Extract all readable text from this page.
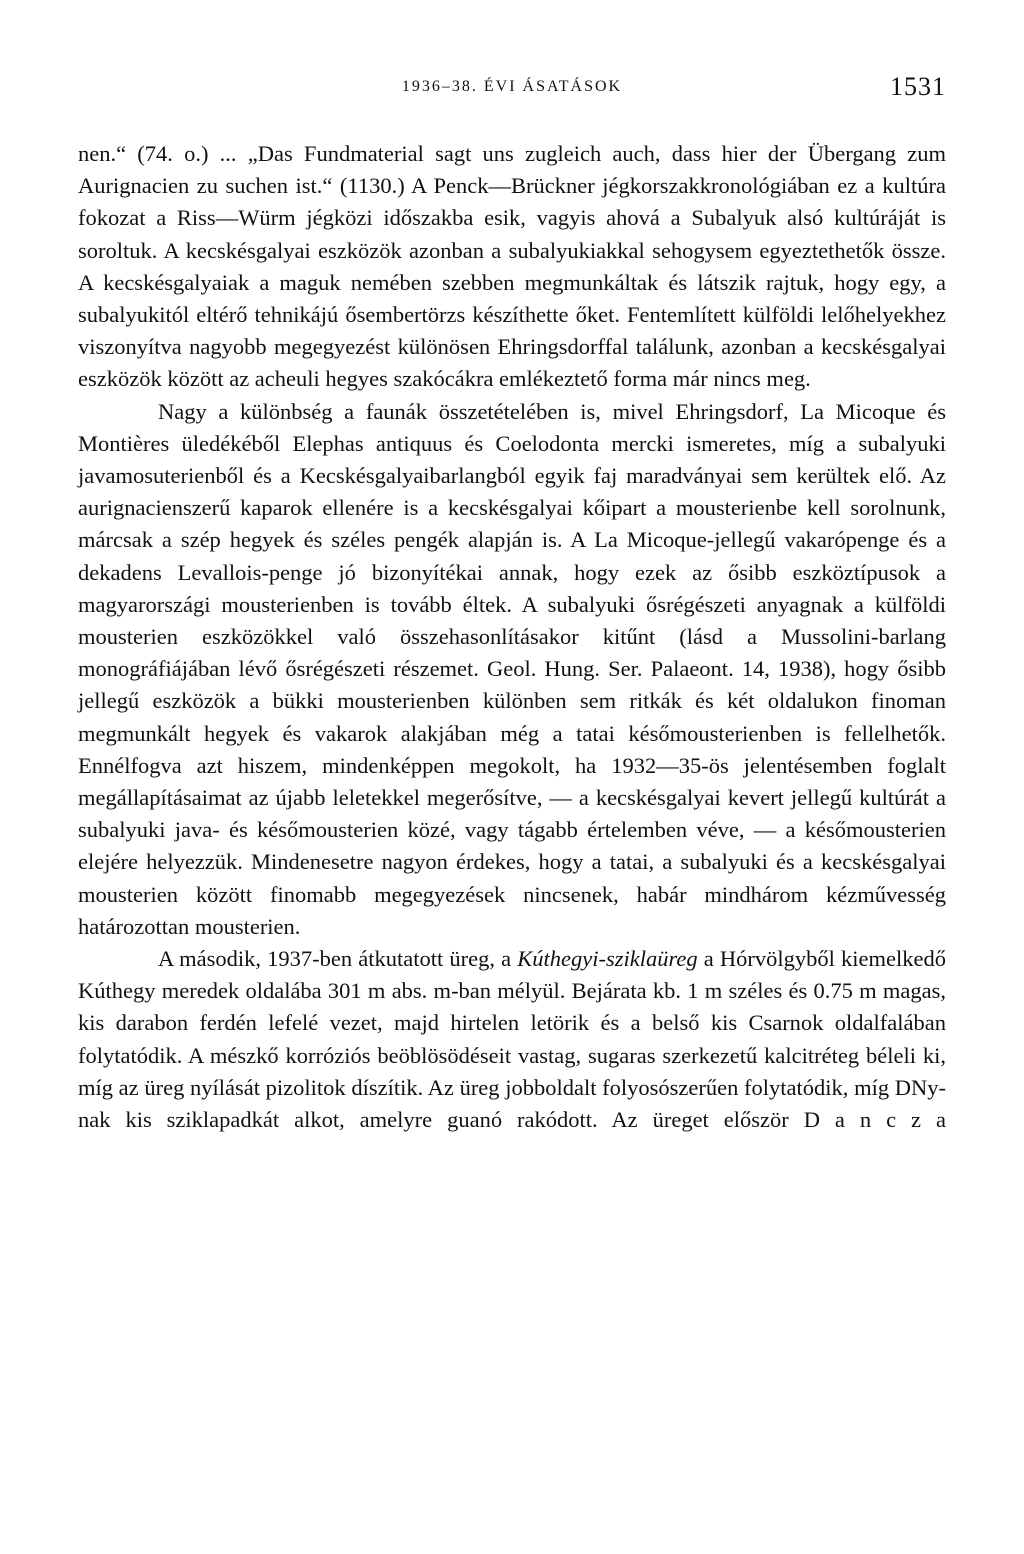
1936–38. ÉVI ÁSATÁSOK	1531

nen.“ (74. o.) ... „Das Fundmaterial sagt uns zugleich auch, dass hier der Übergang zum Aurignacien zu suchen ist.“ (1130.) A Penck—Brückner jégkorszakkronológiában ez a kultúra fokozat a Riss—Würm jégközi időszakba esik, vagyis ahová a Subalyuk alsó kultúráját is soroltuk. A kecskésgalyai eszközök azonban a subalyukiakkal sehogysem egyeztethetők össze. A kecskésgalyaiak a maguk nemében szebben megmunkáltak és látszik rajtuk, hogy egy, a subalyukitól eltérő tehnikájú ősembertörzs készíthette őket. Fentemlített külföldi lelőhelyekhez viszonyítva nagyobb megegyezést különösen Ehringsdorffal találunk, azonban a kecskésgalyai eszközök között az acheuli hegyes szakócákra emlékeztető forma már nincs meg.

Nagy a különbség a faunák összetételében is, mivel Ehringsdorf, La Micoque és Montières üledékéből Elephas antiquus és Coelodonta mercki ismeretes, míg a subalyuki javamosuterienből és a Kecskésgalyaibarlangból egyik faj maradványai sem kerültek elő. Az aurignacienszerű kaparok ellenére is a kecskésgalyai kőipart a mousterienbe kell sorolnunk, márcsak a szép hegyek és széles pengék alapján is. A La Micoque-jellegű vakarópenge és a dekadens Levallois-penge jó bizonyítékai annak, hogy ezek az ősibb eszköztípusok a magyarországi mousterienben is tovább éltek. A subalyuki ősrégészeti anyagnak a külföldi mousterien eszközökkel való összehasonlításakor kitűnt (lásd a Mussolini-barlang monográfiájában lévő ősrégészeti részemet. Geol. Hung. Ser. Palaeont. 14, 1938), hogy ősibb jellegű eszközök a bükki mousterienben különben sem ritkák és két oldalukon finoman megmunkált hegyek és vakarok alakjában még a tatai későmousterienben is fellelhetők. Ennélfogva azt hiszem, mindenképpen megokolt, ha 1932—35-ös jelentésemben foglalt megállapításaimat az újabb leletekkel megerősítve, — a kecskésgalyai kevert jellegű kultúrát a subalyuki java- és későmousterien közé, vagy tágabb értelemben véve, — a későmousterien elejére helyezzük. Mindenesetre nagyon érdekes, hogy a tatai, a subalyuki és a kecskésgalyai mousterien között finomabb megegyezések nincsenek, habár mindhárom kézművesség határozottan mousterien.

A második, 1937-ben átkutatott üreg, a Kúthegyi-sziklaüreg a Hórvölgyből kiemelkedő Kúthegy meredek oldalába 301 m abs. m-ban mélyül. Bejárata kb. 1 m széles és 0.75 m magas, kis darabon ferdén lefelé vezet, majd hirtelen letörik és a belső kis Csarnok oldalfalában folytatódik. A mészkő korróziós beöblösödéseit vastag, sugaras szerkezetű kalcitréteg béleli ki, míg az üreg nyílását pizolitok díszítik. Az üreg jobboldalt folyosószerűen folytatódik, míg DNy-nak kis sziklapadkát alkot, amelyre guanó rakódott. Az üreget először D a n c z a
